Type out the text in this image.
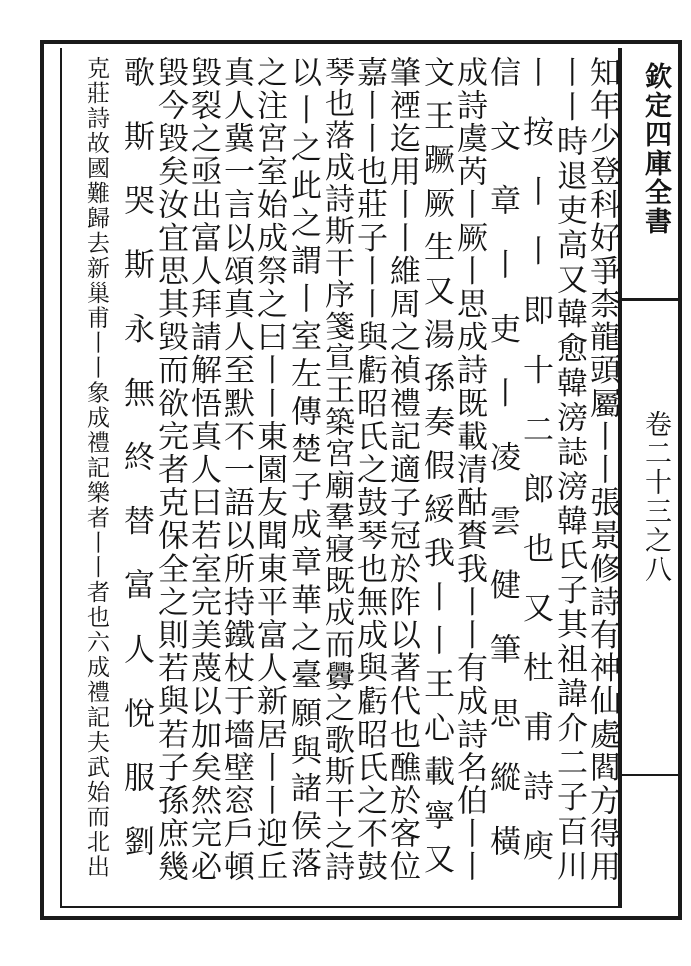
欽定四庫全書
卷二十三之八
知年少登科好爭柰龍頭屬丨丨張景修詩有神仙處閻方得用
丨丨時退吏高又韓愈韓滂誌滂韓氏子其祖諱介二子百川
丨按丨丨即十二郎也又杜甫詩庾
信文章丨吏丨凌雲健筆思縱橫
成詩虞芮丨厥丨思成詩既載清酤賚我丨丨有成詩名伯丨丨
文王蹶厥生又湯孫奏假綏我丨丨王心載寧又
肇禋迄用丨丨維周之禎禮記適子冠於阼以著代也醮於客位
嘉丨丨也莊子丨丨與虧昭氏之鼓琴也無成與虧昭氏之不鼓
琴也落成詩斯干序箋宣王築宮廟羣寢既成而釁之歌斯干之詩
以丨之此之謂丨室左傳楚子成章華之臺願與諸侯落
之注宮室始成祭之曰丨丨東園友聞東平富人新居丨丨迎丘
真人冀一言以頌真人至默不一語以所持鐵杖于墻壁窓戶頓
毀裂之亟出富人拜請解悟真人曰若室完美蔑以加矣然完必
毀今毀矣汝宜思其毀而欲完者克保全之則若與若子孫庶幾
歌斯哭斯永無終替富人悅服劉
克莊詩故國難歸去新巢甫丨丨象成禮記樂者丨丨者也六成禮記夫武始而北出
